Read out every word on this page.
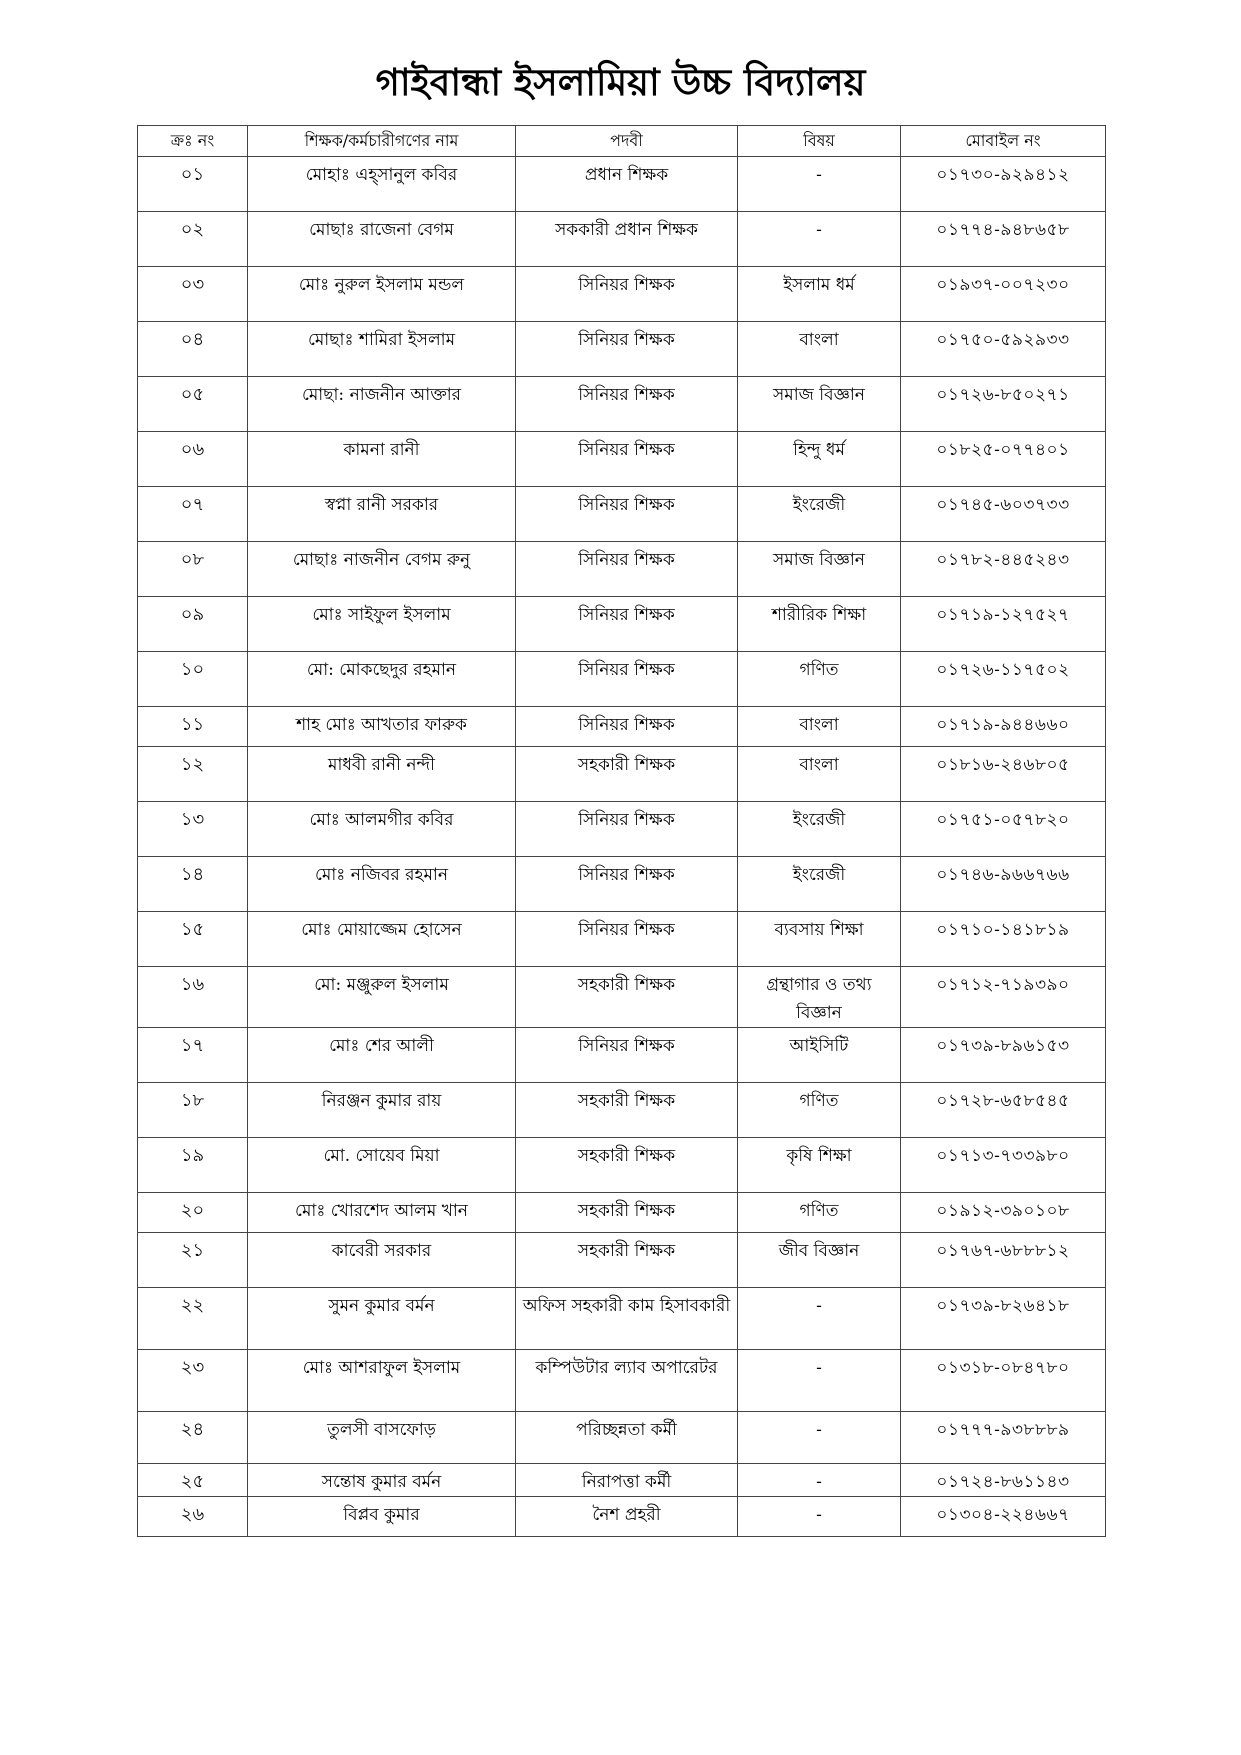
গাইবান্ধা ইসলামিয়া উচ্চ বিদ্যালয়
ক্রঃ নং	শিক্ষক/কর্মচারীগণের নাম	পদবী	বিষয়	মোবাইল নং
০১	মোহাঃ এহ্সানুল কবির	প্রধান শিক্ষক	-	০১৭৩০-৯২৯৪১২
০২	মোছাঃ রাজেনা বেগম	সককারী প্রধান শিক্ষক	-	০১৭৭৪-৯৪৮৬৫৮
০৩	মোঃ নুরুল ইসলাম মন্ডল	সিনিয়র শিক্ষক	ইসলাম ধর্ম	০১৯৩৭-০০৭২৩০
০৪	মোছাঃ শামিরা ইসলাম	সিনিয়র শিক্ষক	বাংলা	০১৭৫০-৫৯২৯৩৩
০৫	মোছা: নাজনীন আক্তার	সিনিয়র শিক্ষক	সমাজ বিজ্ঞান	০১৭২৬-৮৫০২৭১
০৬	কামনা রানী	সিনিয়র শিক্ষক	হিন্দু ধর্ম	০১৮২৫-০৭৭৪০১
০৭	স্বপ্না রানী সরকার	সিনিয়র শিক্ষক	ইংরেজী	০১৭৪৫-৬০৩৭৩৩
০৮	মোছাঃ নাজনীন বেগম রুনু	সিনিয়র শিক্ষক	সমাজ বিজ্ঞান	০১৭৮২-৪৪৫২৪৩
০৯	মোঃ সাইফুল ইসলাম	সিনিয়র শিক্ষক	শারীরিক শিক্ষা	০১৭১৯-১২৭৫২৭
১০	মো: মোকছেদুর রহমান	সিনিয়র শিক্ষক	গণিত	০১৭২৬-১১৭৫০২
১১	শাহ মোঃ আখতার ফারুক	সিনিয়র শিক্ষক	বাংলা	০১৭১৯-৯৪৪৬৬০
১২	মাধবী রানী নন্দী	সহকারী শিক্ষক	বাংলা	০১৮১৬-২৪৬৮০৫
১৩	মোঃ আলমগীর কবির	সিনিয়র শিক্ষক	ইংরেজী	০১৭৫১-০৫৭৮২০
১৪	মোঃ নজিবর রহমান	সিনিয়র শিক্ষক	ইংরেজী	০১৭৪৬-৯৬৬৭৬৬
১৫	মোঃ মোয়াজ্জেম হোসেন	সিনিয়র শিক্ষক	ব্যবসায় শিক্ষা	০১৭১০-১৪১৮১৯
১৬	মো: মঞ্জুরুল ইসলাম	সহকারী শিক্ষক	গ্রন্থাগার ও তথ্য বিজ্ঞান	০১৭১২-৭১৯৩৯০
১৭	মোঃ শের আলী	সিনিয়র শিক্ষক	আইসিটি	০১৭৩৯-৮৯৬১৫৩
১৮	নিরঞ্জন কুমার রায়	সহকারী শিক্ষক	গণিত	০১৭২৮-৬৫৮৫৪৫
১৯	মো. সোয়েব মিয়া	সহকারী শিক্ষক	কৃষি শিক্ষা	০১৭১৩-৭৩৩৯৮০
২০	মোঃ খোরশেদ আলম খান	সহকারী শিক্ষক	গণিত	০১৯১২-৩৯০১০৮
২১	কাবেরী সরকার	সহকারী শিক্ষক	জীব বিজ্ঞান	০১৭৬৭-৬৮৮৮১২
২২	সুমন কুমার বর্মন	অফিস সহকারী কাম হিসাবকারী	-	০১৭৩৯-৮২৬৪১৮
২৩	মোঃ আশরাফুল ইসলাম	কম্পিউটার ল্যাব অপারেটর	-	০১৩১৮-০৮৪৭৮০
২৪	তুলসী বাসফোড়	পরিচ্ছন্নতা কর্মী	-	০১৭৭৭-৯৩৮৮৮৯
২৫	সন্তোষ কুমার বর্মন	নিরাপত্তা কর্মী	-	০১৭২৪-৮৬১১৪৩
২৬	বিপ্লব কুমার	নৈশ প্রহরী	-	০১৩০৪-২২৪৬৬৭
